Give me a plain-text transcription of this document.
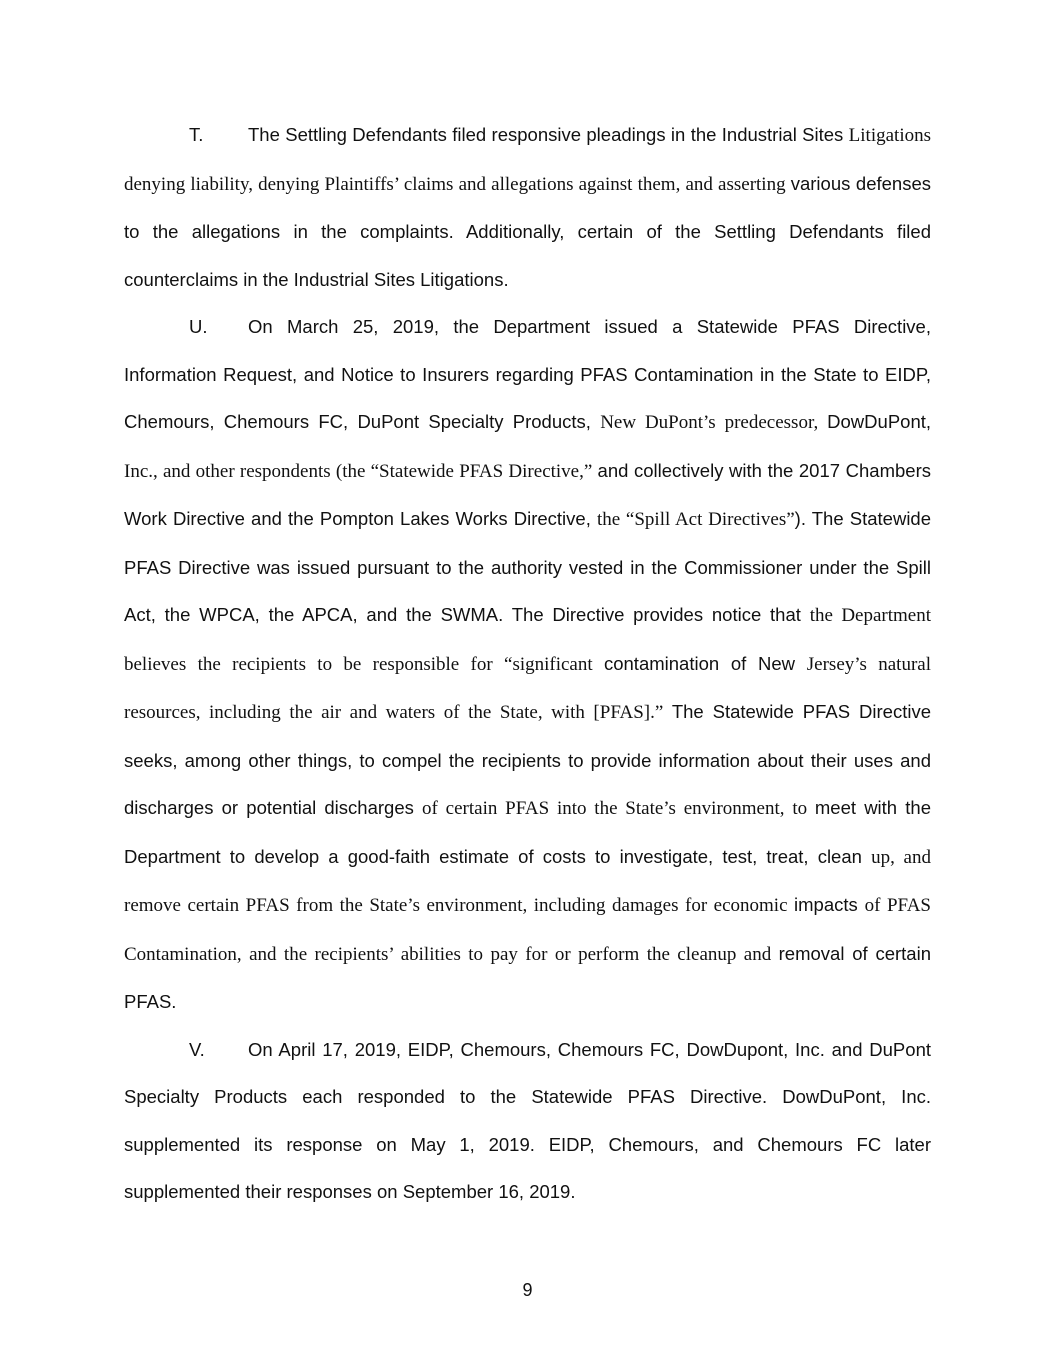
T. The Settling Defendants filed responsive pleadings in the Industrial Sites Litigations denying liability, denying Plaintiffs’ claims and allegations against them, and asserting various defenses to the allegations in the complaints. Additionally, certain of the Settling Defendants filed counterclaims in the Industrial Sites Litigations.

U. On March 25, 2019, the Department issued a Statewide PFAS Directive, Information Request, and Notice to Insurers regarding PFAS Contamination in the State to EIDP, Chemours, Chemours FC, DuPont Specialty Products, New DuPont’s predecessor, DowDuPont, Inc., and other respondents (the “Statewide PFAS Directive,” and collectively with the 2017 Chambers Work Directive and the Pompton Lakes Works Directive, the “Spill Act Directives”). The Statewide PFAS Directive was issued pursuant to the authority vested in the Commissioner under the Spill Act, the WPCA, the APCA, and the SWMA. The Directive provides notice that the Department believes the recipients to be responsible for “significant contamination of New Jersey’s natural resources, including the air and waters of the State, with [PFAS].” The Statewide PFAS Directive seeks, among other things, to compel the recipients to provide information about their uses and discharges or potential discharges of certain PFAS into the State’s environment, to meet with the Department to develop a good-faith estimate of costs to investigate, test, treat, clean up, and remove certain PFAS from the State’s environment, including damages for economic impacts of PFAS Contamination, and the recipients’ abilities to pay for or perform the cleanup and removal of certain PFAS.

V. On April 17, 2019, EIDP, Chemours, Chemours FC, DowDupont, Inc. and DuPont Specialty Products each responded to the Statewide PFAS Directive. DowDuPont, Inc. supplemented its response on May 1, 2019. EIDP, Chemours, and Chemours FC later supplemented their responses on September 16, 2019.

9
